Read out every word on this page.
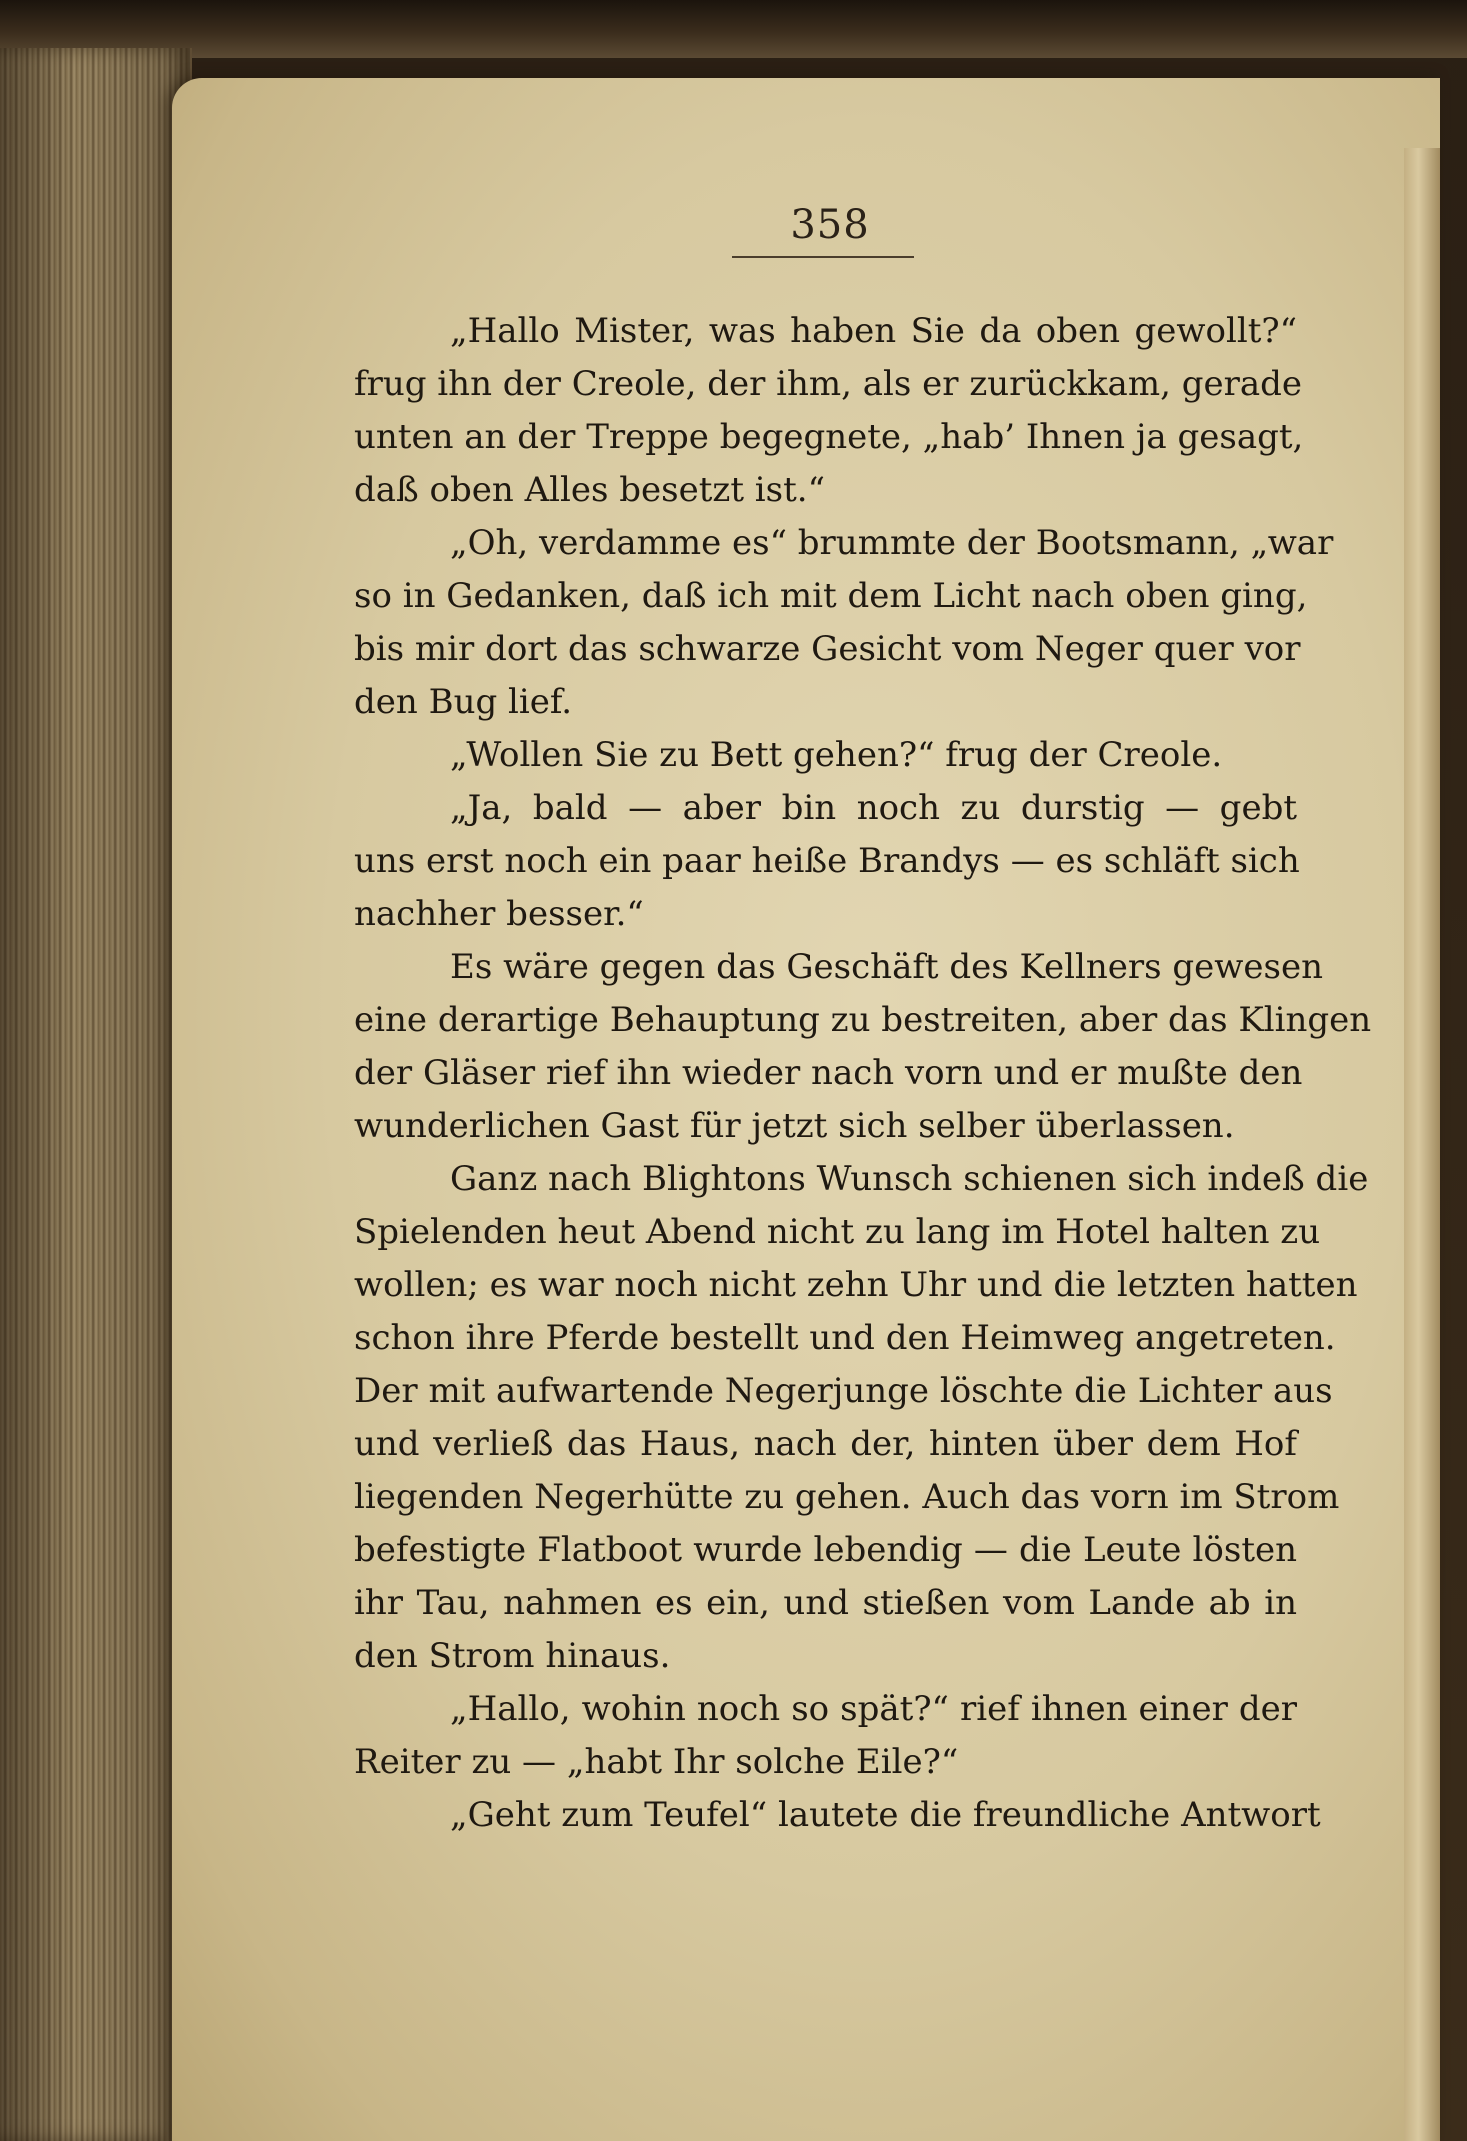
358
„Hallo Mister, was haben Sie da oben gewollt?“
frug ihn der Creole, der ihm, als er zurückkam, gerade
unten an der Treppe begegnete, „hab’ Ihnen ja gesagt,
daß oben Alles besetzt ist.“
„Oh, verdamme es“ brummte der Bootsmann, „war
so in Gedanken, daß ich mit dem Licht nach oben ging,
bis mir dort das schwarze Gesicht vom Neger quer vor
den Bug lief.
„Wollen Sie zu Bett gehen?“ frug der Creole.
„Ja, bald — aber bin noch zu durstig — gebt
uns erst noch ein paar heiße Brandys — es schläft sich
nachher besser.“
Es wäre gegen das Geschäft des Kellners gewesen
eine derartige Behauptung zu bestreiten, aber das Klingen
der Gläser rief ihn wieder nach vorn und er mußte den
wunderlichen Gast für jetzt sich selber überlassen.
Ganz nach Blightons Wunsch schienen sich indeß die
Spielenden heut Abend nicht zu lang im Hotel halten zu
wollen; es war noch nicht zehn Uhr und die letzten hatten
schon ihre Pferde bestellt und den Heimweg angetreten.
Der mit aufwartende Negerjunge löschte die Lichter aus
und verließ das Haus, nach der, hinten über dem Hof
liegenden Negerhütte zu gehen. Auch das vorn im Strom
befestigte Flatboot wurde lebendig — die Leute lösten
ihr Tau, nahmen es ein, und stießen vom Lande ab in
den Strom hinaus.
„Hallo, wohin noch so spät?“ rief ihnen einer der
Reiter zu — „habt Ihr solche Eile?“
„Geht zum Teufel“ lautete die freundliche Antwort
